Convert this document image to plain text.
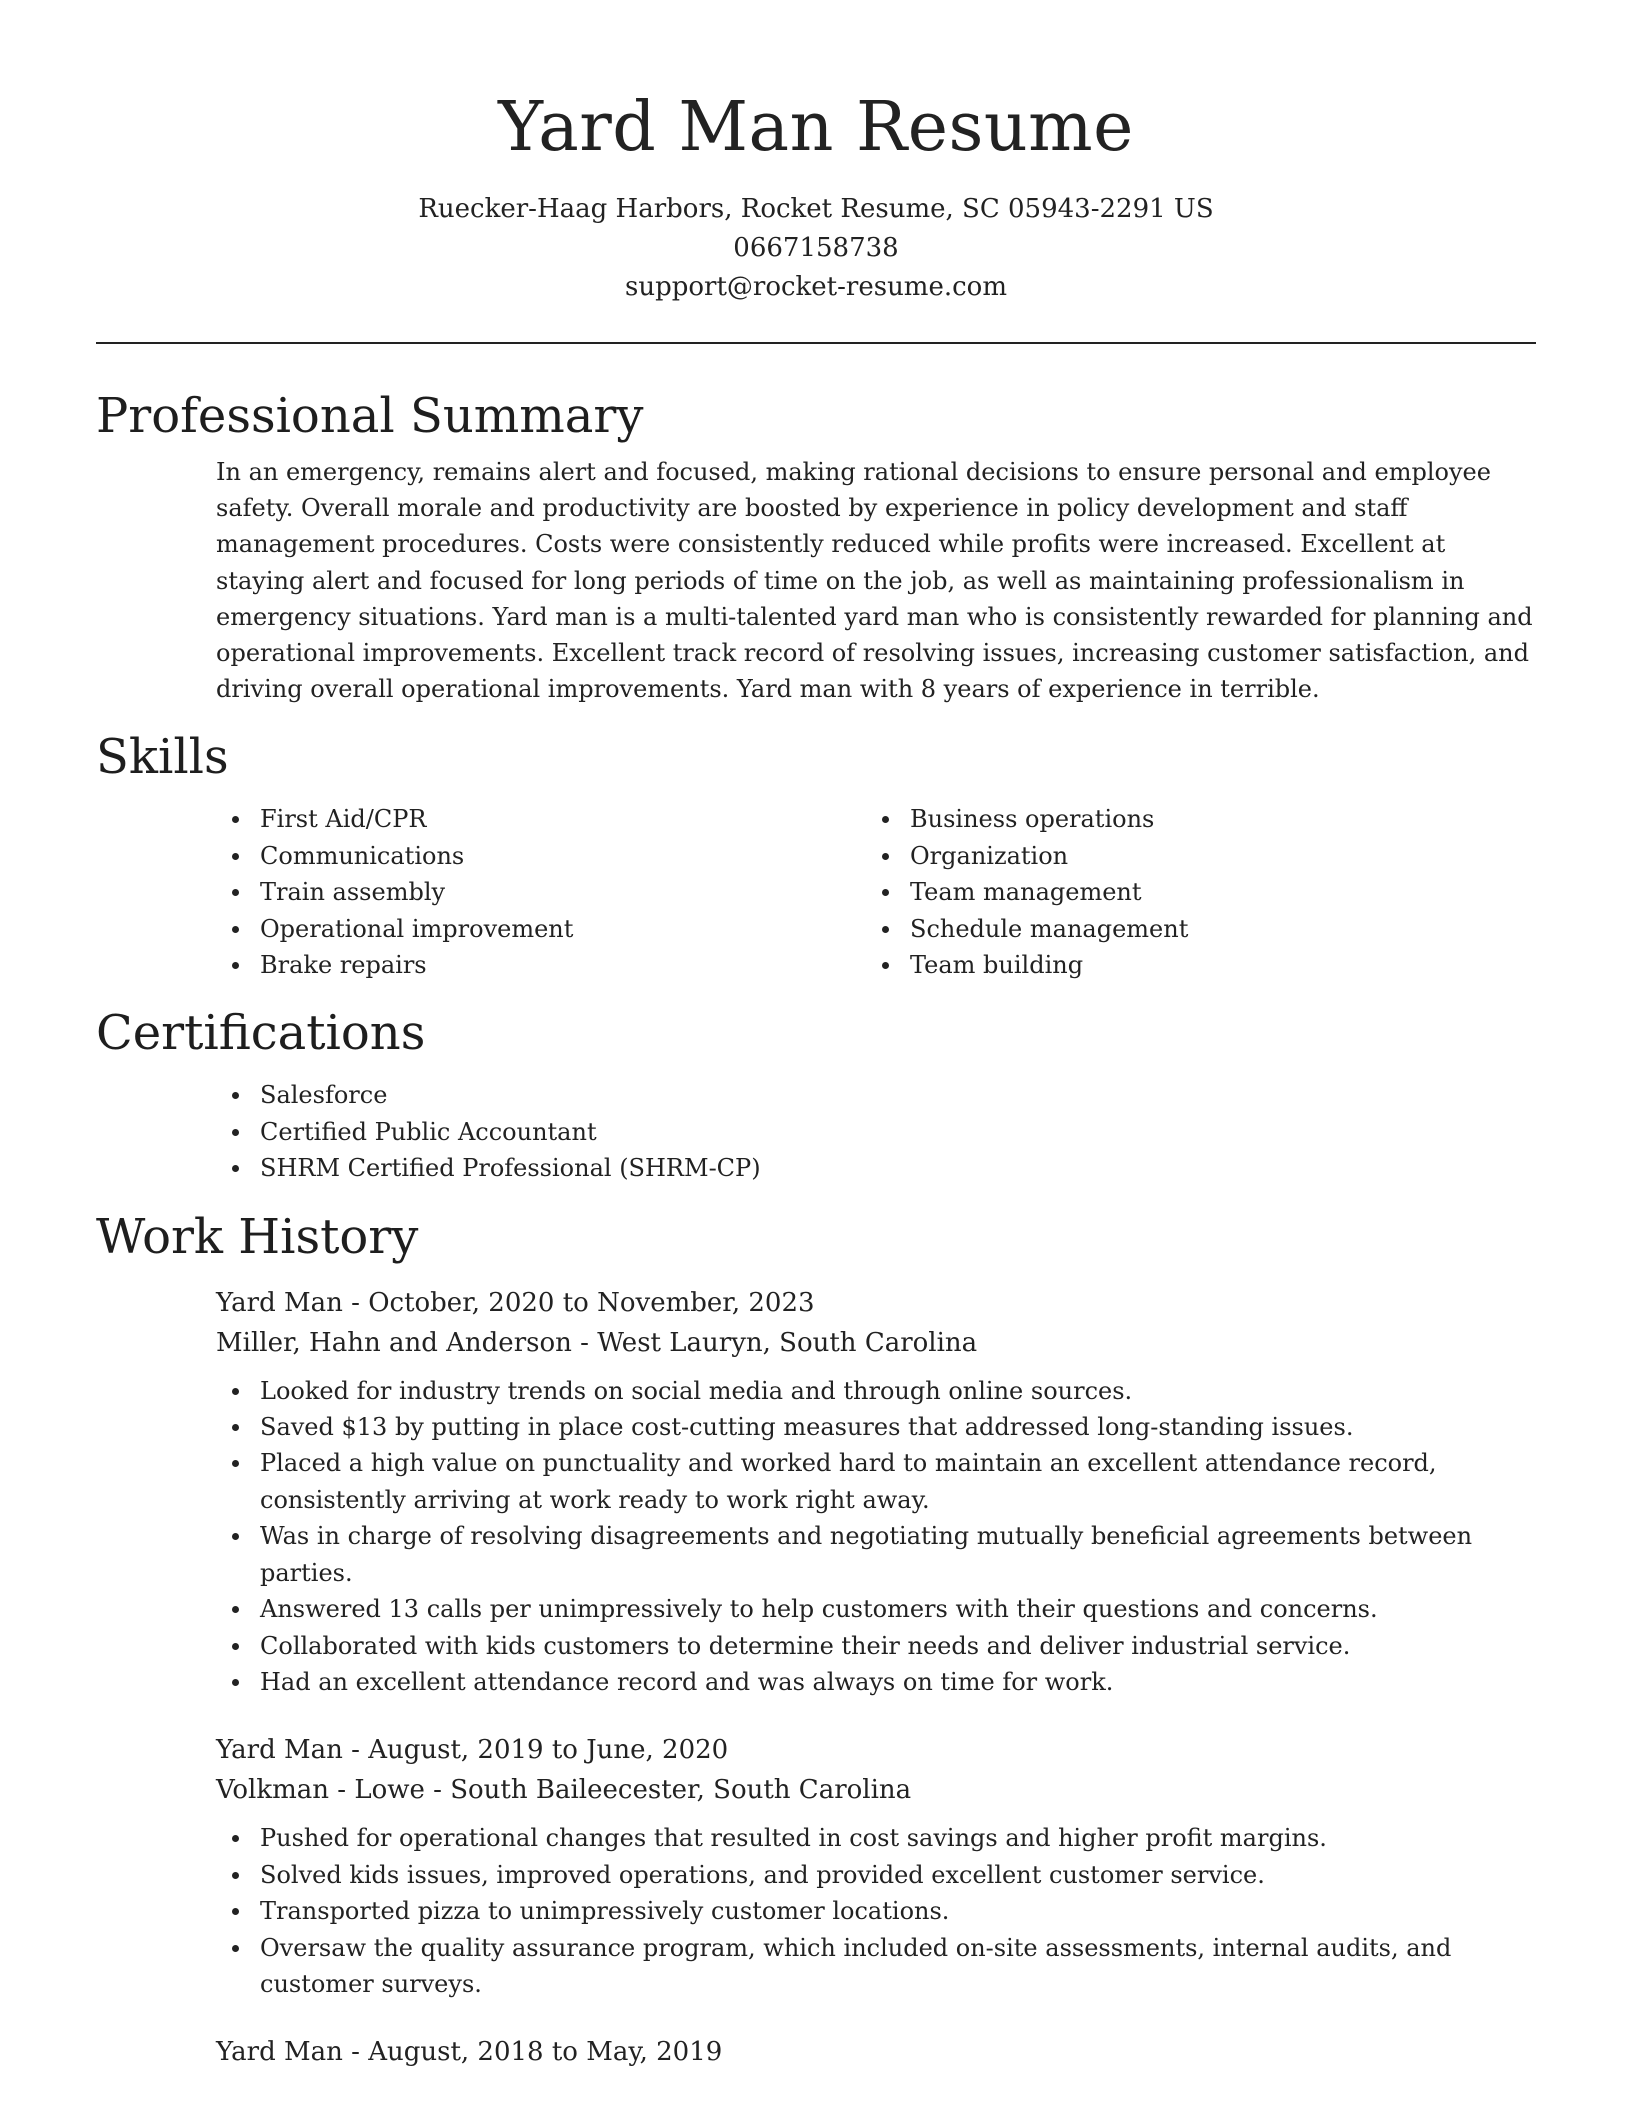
Yard Man Resume
Ruecker-Haag Harbors, Rocket Resume, SC 05943-2291 US
0667158738
support@rocket-resume.com
Professional Summary

In an emergency, remains alert and focused, making rational decisions to ensure personal and employee safety. Overall morale and productivity are boosted by experience in policy development and staff management procedures. Costs were consistently reduced while profits were increased. Excellent at staying alert and focused for long periods of time on the job, as well as maintaining professionalism in emergency situations. Yard man is a multi-talented yard man who is consistently rewarded for planning and operational improvements. Excellent track record of resolving issues, increasing customer satisfaction, and driving overall operational improvements. Yard man with 8 years of experience in terrible.

Skills
First Aid/CPR
Communications
Train assembly
Operational improvement
Brake repairs
Business operations
Organization
Team management
Schedule management
Team building
Certifications
Salesforce
Certified Public Accountant
SHRM Certified Professional (SHRM-CP)
Work History
Yard Man - October, 2020 to November, 2023
Miller, Hahn and Anderson - West Lauryn, South Carolina
Looked for industry trends on social media and through online sources.
Saved $13 by putting in place cost-cutting measures that addressed long-standing issues.
Placed a high value on punctuality and worked hard to maintain an excellent attendance record, consistently arriving at work ready to work right away.
Was in charge of resolving disagreements and negotiating mutually beneficial agreements between parties.
Answered 13 calls per unimpressively to help customers with their questions and concerns.
Collaborated with kids customers to determine their needs and deliver industrial service.
Had an excellent attendance record and was always on time for work.
Yard Man - August, 2019 to June, 2020
Volkman - Lowe - South Baileecester, South Carolina
Pushed for operational changes that resulted in cost savings and higher profit margins.
Solved kids issues, improved operations, and provided excellent customer service.
Transported pizza to unimpressively customer locations.
Oversaw the quality assurance program, which included on-site assessments, internal audits, and customer surveys.
Yard Man - August, 2018 to May, 2019
